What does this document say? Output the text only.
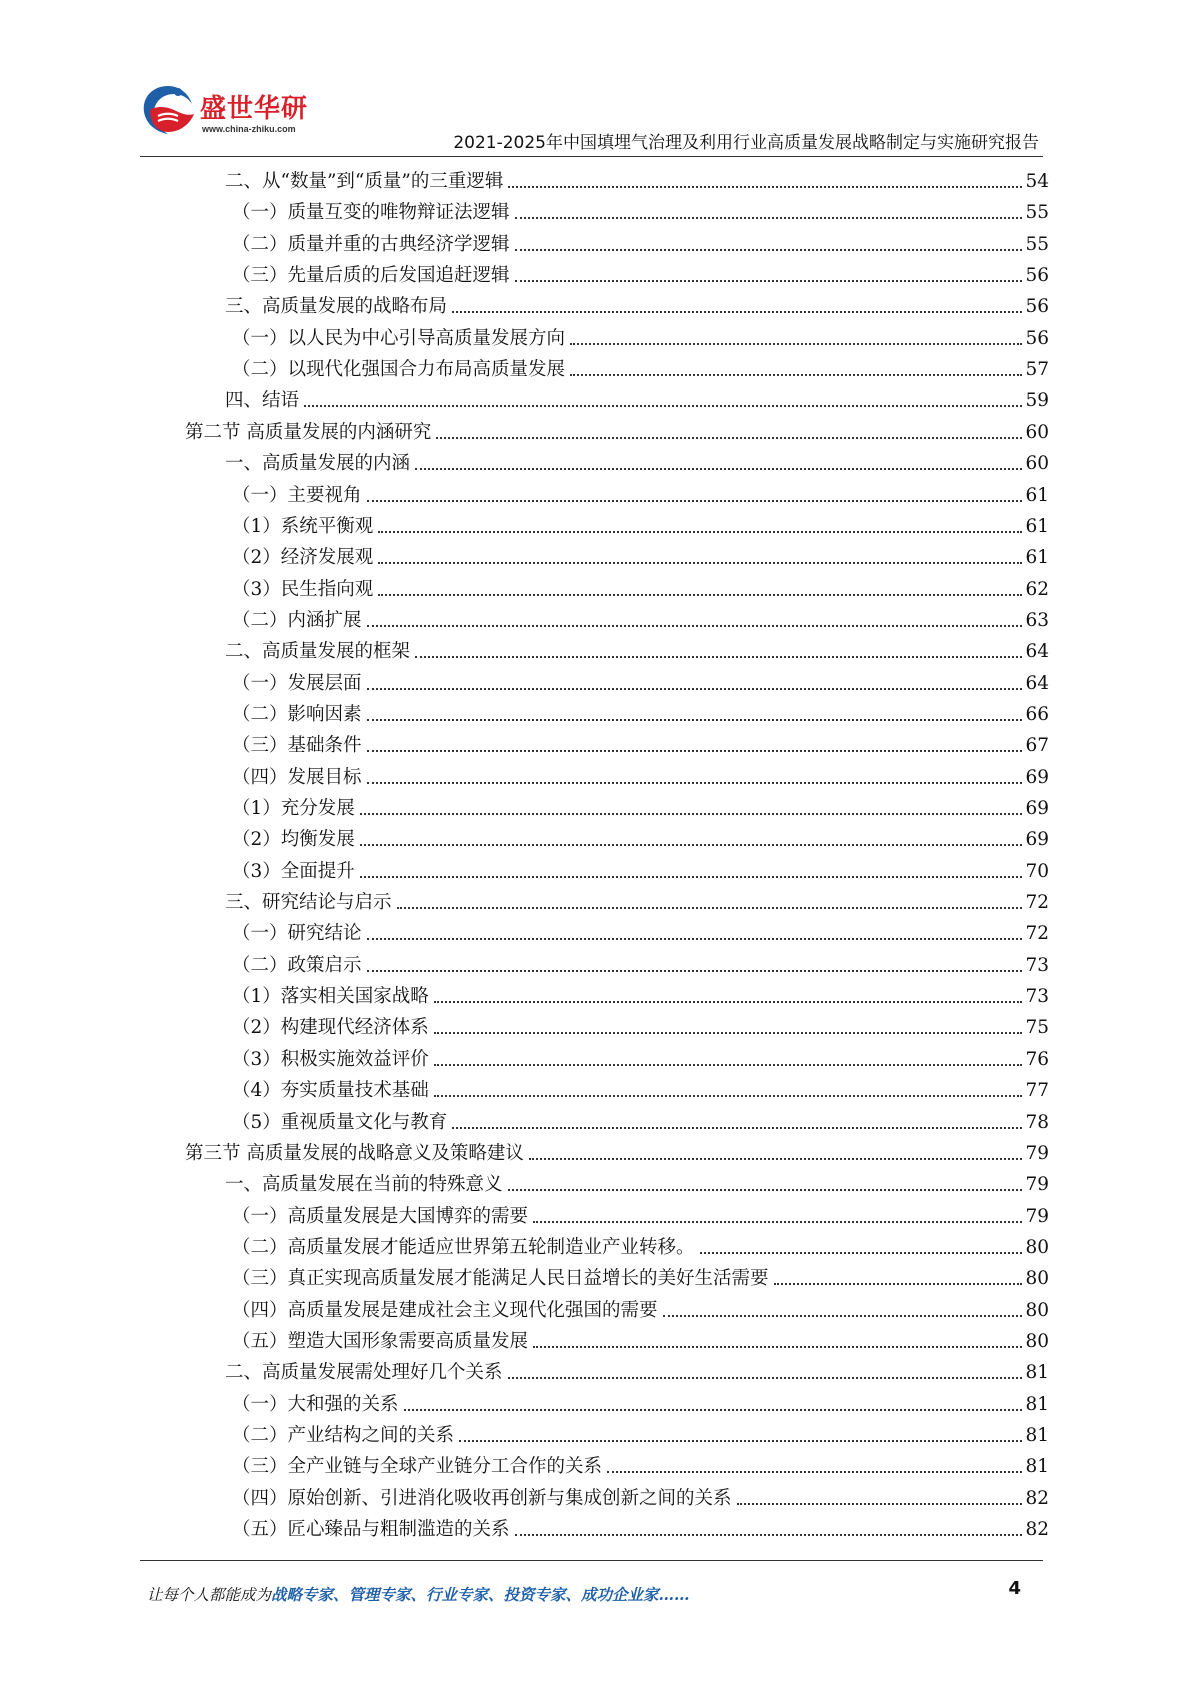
盛世华研
www.china-zhiku.com
2021-2025年中国填埋气治理及利用行业高质量发展战略制定与实施研究报告
二、从“数量”到“质量”的三重逻辑	54
（一）质量互变的唯物辩证法逻辑	55
（二）质量并重的古典经济学逻辑	55
（三）先量后质的后发国追赶逻辑	56
三、高质量发展的战略布局	56
（一）以人民为中心引导高质量发展方向	56
（二）以现代化强国合力布局高质量发展	57
四、结语	59
第二节 高质量发展的内涵研究	60
一、高质量发展的内涵	60
（一）主要视角	61
（1）系统平衡观	61
（2）经济发展观	61
（3）民生指向观	62
（二）内涵扩展	63
二、高质量发展的框架	64
（一）发展层面	64
（二）影响因素	66
（三）基础条件	67
（四）发展目标	69
（1）充分发展	69
（2）均衡发展	69
（3）全面提升	70
三、研究结论与启示	72
（一）研究结论	72
（二）政策启示	73
（1）落实相关国家战略	73
（2）构建现代经济体系	75
（3）积极实施效益评价	76
（4）夯实质量技术基础	77
（5）重视质量文化与教育	78
第三节 高质量发展的战略意义及策略建议	79
一、高质量发展在当前的特殊意义	79
（一）高质量发展是大国博弈的需要	79
（二）高质量发展才能适应世界第五轮制造业产业转移。	80
（三）真正实现高质量发展才能满足人民日益增长的美好生活需要	80
（四）高质量发展是建成社会主义现代化强国的需要	80
（五）塑造大国形象需要高质量发展	80
二、高质量发展需处理好几个关系	81
（一）大和强的关系	81
（二）产业结构之间的关系	81
（三）全产业链与全球产业链分工合作的关系	81
（四）原始创新、引进消化吸收再创新与集成创新之间的关系	82
（五）匠心臻品与粗制滥造的关系	82
让每个人都能成为战略专家、管理专家、行业专家、投资专家、成功企业家……	4
